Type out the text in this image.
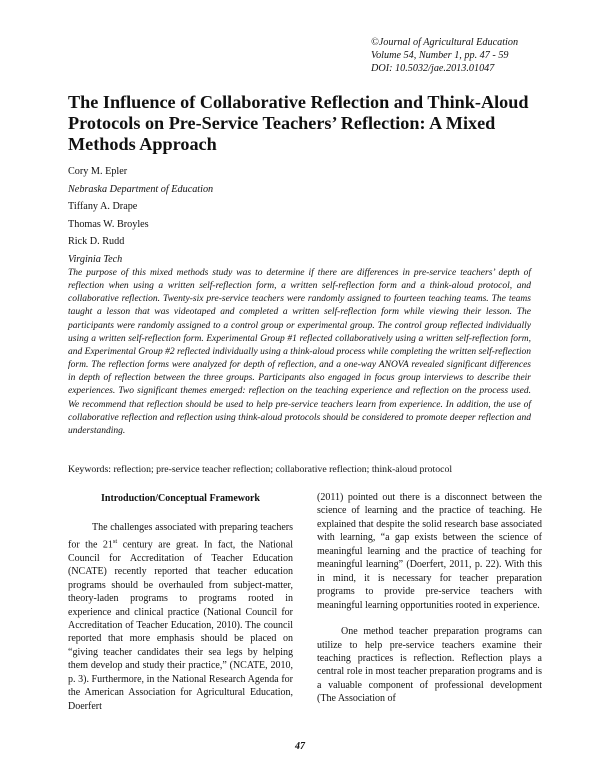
©Journal of Agricultural Education
Volume 54, Number 1, pp. 47 - 59
DOI: 10.5032/jae.2013.01047
The Influence of Collaborative Reflection and Think-Aloud Protocols on Pre-Service Teachers’ Reflection: A Mixed Methods Approach
Cory M. Epler
Nebraska Department of Education
Tiffany A. Drape
Thomas W. Broyles
Rick D. Rudd
Virginia Tech

The purpose of this mixed methods study was to determine if there are differences in pre-service teachers’ depth of reflection when using a written self-reflection form, a written self-reflection form and a think-aloud protocol, and collaborative reflection. Twenty-six pre-service teachers were randomly assigned to fourteen teaching teams. The teams taught a lesson that was videotaped and completed a written self-reflection form while viewing their lesson. The participants were randomly assigned to a control group or experimental group. The control group reflected individually using a written self-reflection form. Experimental Group #1 reflected collaboratively using a written self-reflection form, and Experimental Group #2 reflected individually using a think-aloud process while completing the written self-reflection form. The reflection forms were analyzed for depth of reflection, and a one-way ANOVA revealed significant differences in depth of reflection between the three groups. Participants also engaged in focus group interviews to describe their experiences. Two significant themes emerged: reflection on the teaching experience and reflection on the process used. We recommend that reflection should be used to help pre-service teachers learn from experience. In addition, the use of collaborative reflection and reflection using think-aloud protocols should be considered to promote deeper reflection and understanding.

Keywords: reflection; pre-service teacher reflection; collaborative reflection; think-aloud protocol

Introduction/Conceptual Framework

The challenges associated with preparing teachers for the 21st century are great. In fact, the National Council for Accreditation of Teacher Education (NCATE) recently reported that teacher education programs should be overhauled from subject-matter, theory-laden programs to programs rooted in experience and clinical practice (National Council for Accreditation of Teacher Education, 2010). The council reported that more emphasis should be placed on “giving teacher candidates their sea legs by helping them develop and study their practice,” (NCATE, 2010, p. 3). Furthermore, in the National Research Agenda for the American Association for Agricultural Education, Doerfert

(2011) pointed out there is a disconnect between the science of learning and the practice of teaching. He explained that despite the solid research base associated with learning, “a gap exists between the science of meaningful learning and the practice of teaching for meaningful learning” (Doerfert, 2011, p. 22). With this in mind, it is necessary for teacher preparation programs to provide pre-service teachers with meaningful learning opportunities rooted in experience.

One method teacher preparation programs can utilize to help pre-service teachers examine their teaching practices is reflection. Reflection plays a central role in most teacher preparation programs and is a valuable component of professional development (The Association of

47
